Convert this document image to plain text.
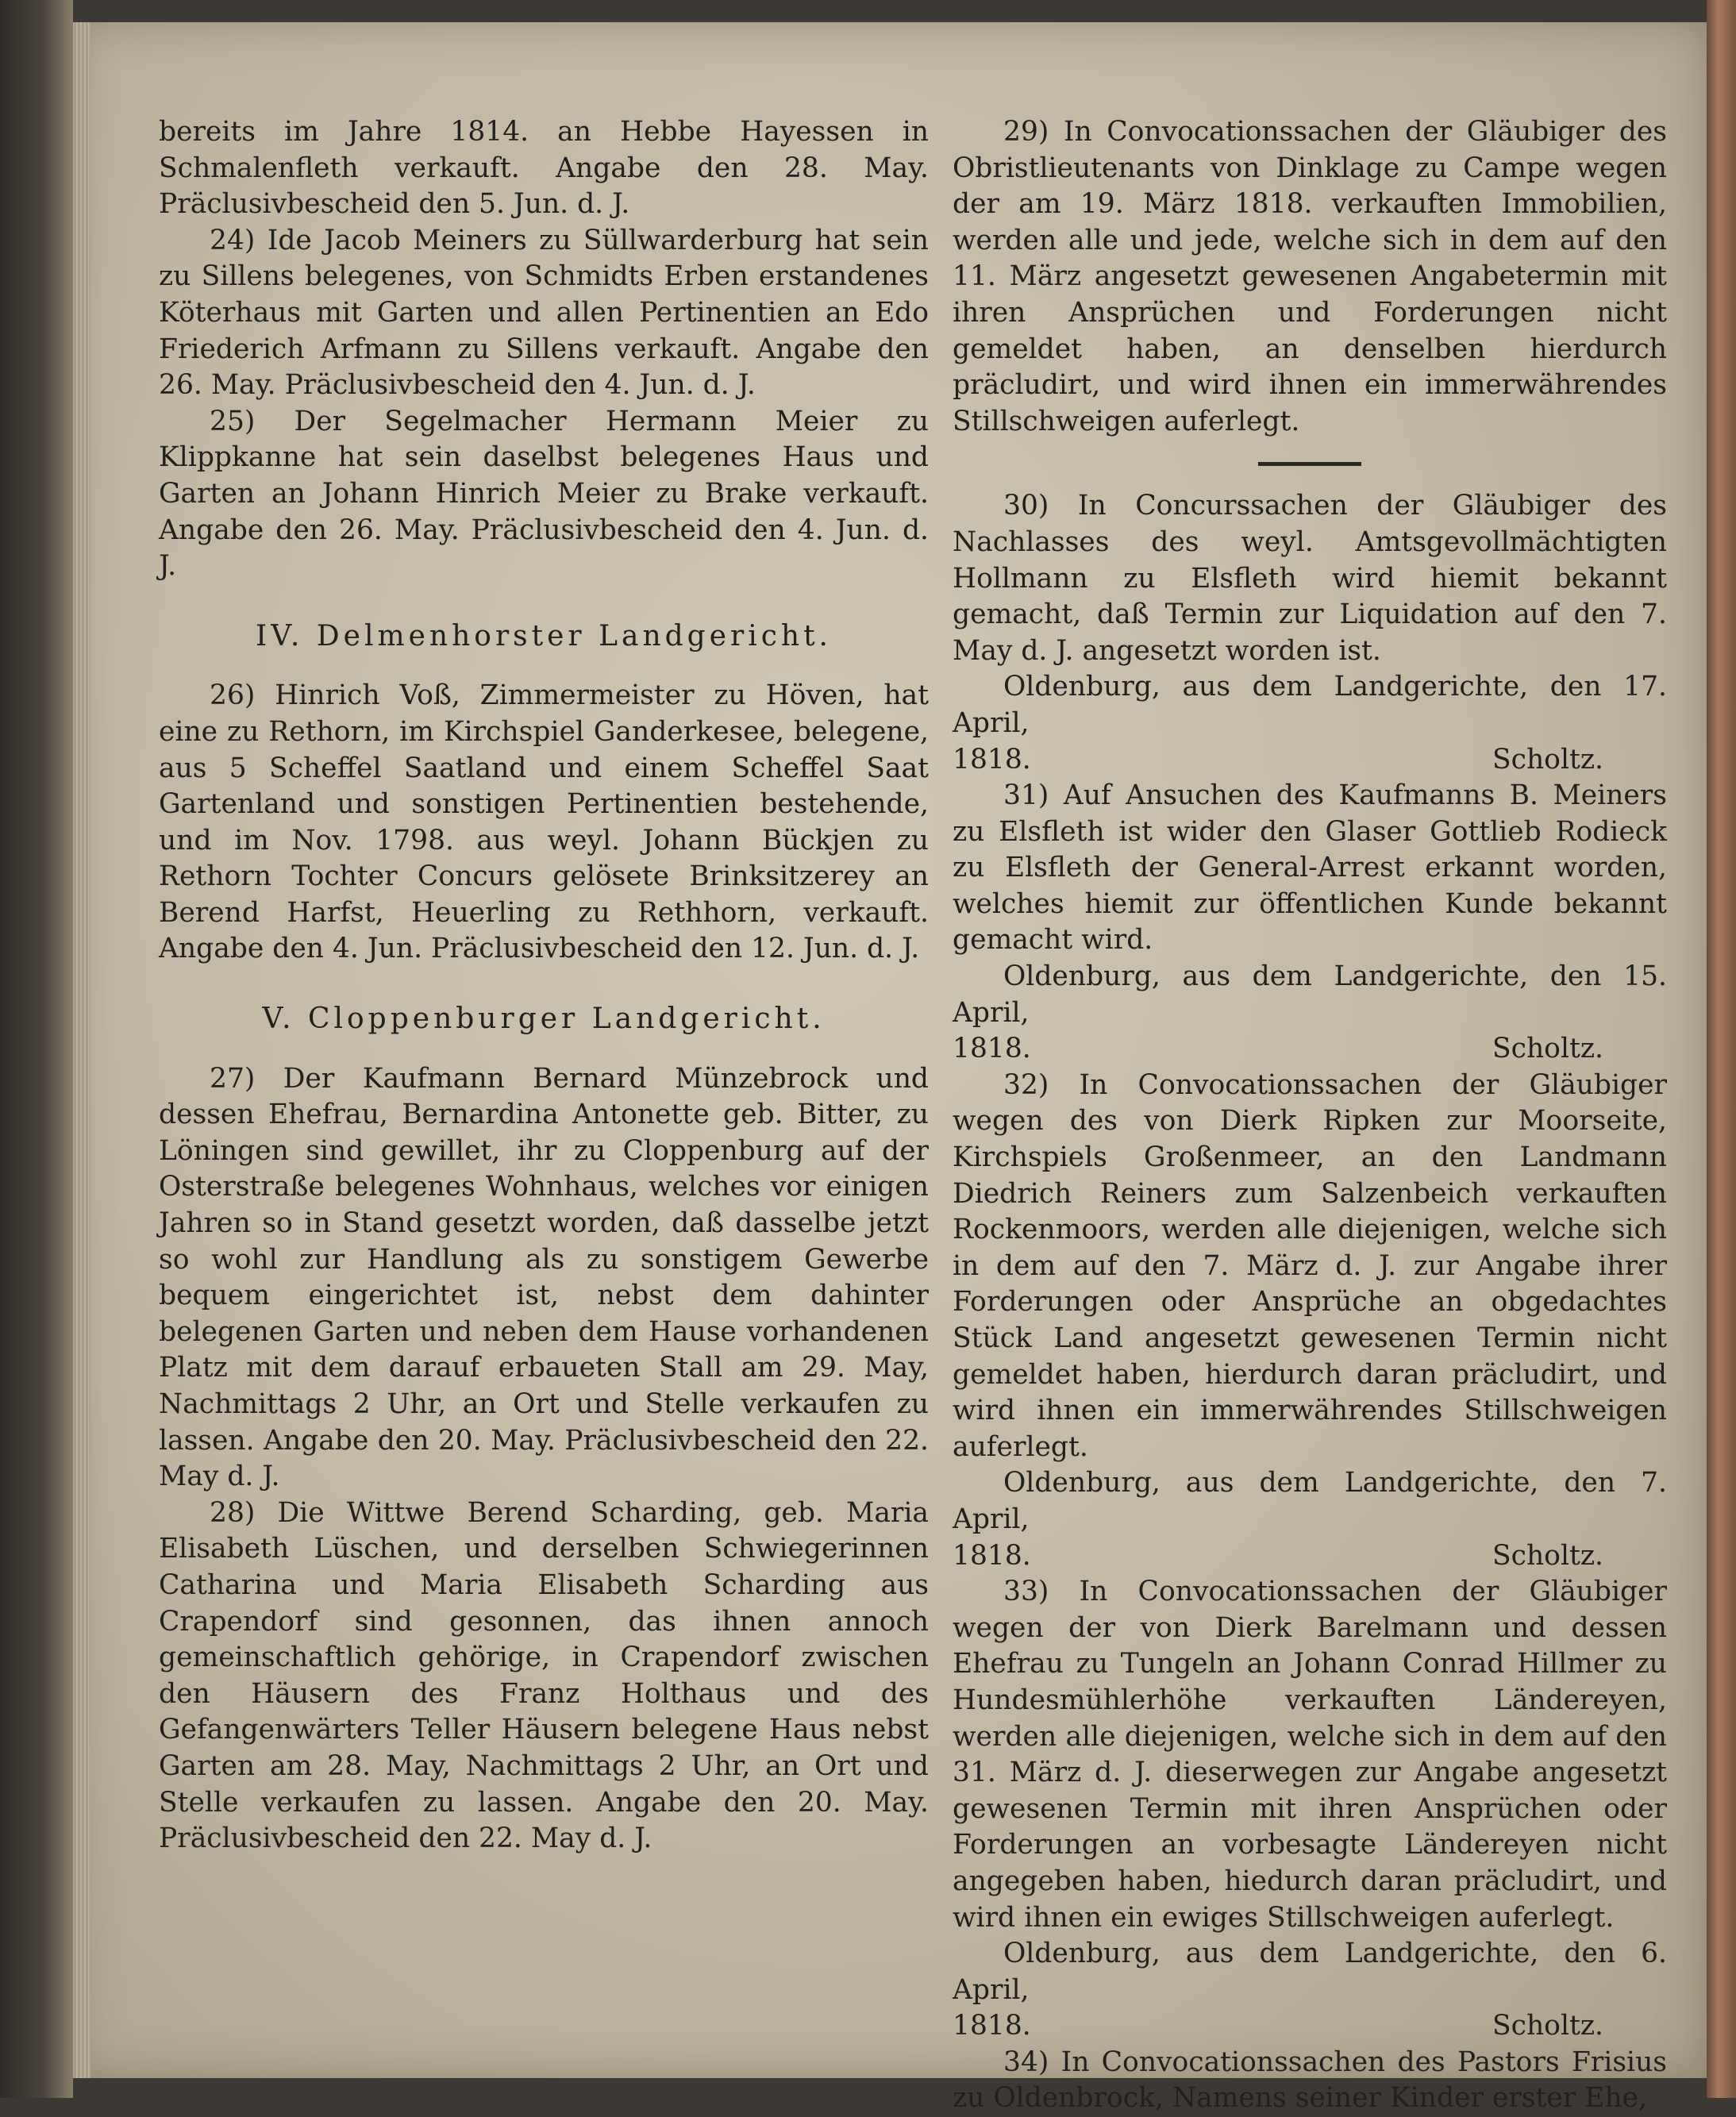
bereits im Jahre 1814. an Hebbe Hayessen in Schmalenfleth verkauft. Angabe den 28. May. Präclusivbescheid den 5. Jun. d. J.

24) Ide Jacob Meiners zu Süllwarderburg hat sein zu Sillens belegenes, von Schmidts Erben erstandenes Köterhaus mit Garten und allen Pertinentien an Edo Friederich Arfmann zu Sillens verkauft. Angabe den 26. May. Präclusivbescheid den 4. Jun. d. J.

25) Der Segelmacher Hermann Meier zu Klippkanne hat sein daselbst belegenes Haus und Garten an Johann Hinrich Meier zu Brake verkauft. Angabe den 26. May. Präclusivbescheid den 4. Jun. d. J.

IV. Delmenhorster Landgericht.

26) Hinrich Voß, Zimmermeister zu Höven, hat eine zu Rethorn, im Kirchspiel Ganderkesee, belegene, aus 5 Scheffel Saatland und einem Scheffel Saat Gartenland und sonstigen Pertinentien bestehende, und im Nov. 1798. aus weyl. Johann Bückjen zu Rethorn Tochter Concurs gelösete Brinksitzerey an Berend Harfst, Heuerling zu Rethhorn, verkauft. Angabe den 4. Jun. Präclusivbescheid den 12. Jun. d. J.

V. Cloppenburger Landgericht.

27) Der Kaufmann Bernard Münzebrock und dessen Ehefrau, Bernardina Antonette geb. Bitter, zu Löningen sind gewillet, ihr zu Cloppenburg auf der Osterstraße belegenes Wohnhaus, welches vor einigen Jahren so in Stand gesetzt worden, daß dasselbe jetzt so wohl zur Handlung als zu sonstigem Gewerbe bequem eingerichtet ist, nebst dem dahinter belegenen Garten und neben dem Hause vorhandenen Platz mit dem darauf erbaueten Stall am 29. May, Nachmittags 2 Uhr, an Ort und Stelle verkaufen zu lassen. Angabe den 20. May. Präclusivbescheid den 22. May d. J.

28) Die Wittwe Berend Scharding, geb. Maria Elisabeth Lüschen, und derselben Schwiegerinnen Catharina und Maria Elisabeth Scharding aus Crapendorf sind gesonnen, das ihnen annoch gemeinschaftlich gehörige, in Crapendorf zwischen den Häusern des Franz Holthaus und des Gefangenwärters Teller Häusern belegene Haus nebst Garten am 28. May, Nachmittags 2 Uhr, an Ort und Stelle verkaufen zu lassen. Angabe den 20. May. Präclusivbescheid den 22. May d. J.

29) In Convocationssachen der Gläubiger des Obristlieutenants von Dinklage zu Campe wegen der am 19. März 1818. verkauften Immobilien, werden alle und jede, welche sich in dem auf den 11. März angesetzt gewesenen Angabetermin mit ihren Ansprüchen und Forderungen nicht gemeldet haben, an denselben hierdurch präcludirt, und wird ihnen ein immerwährendes Stillschweigen auferlegt.

30) In Concurssachen der Gläubiger des Nachlasses des weyl. Amtsgevollmächtigten Hollmann zu Elsfleth wird hiemit bekannt gemacht, daß Termin zur Liquidation auf den 7. May d. J. angesetzt worden ist.

Oldenburg, aus dem Landgerichte, den 17. April,

1818.	Scholtz.

31) Auf Ansuchen des Kaufmanns B. Meiners zu Elsfleth ist wider den Glaser Gottlieb Rodieck zu Elsfleth der General-Arrest erkannt worden, welches hiemit zur öffentlichen Kunde bekannt gemacht wird.

Oldenburg, aus dem Landgerichte, den 15. April,

1818.	Scholtz.

32) In Convocationssachen der Gläubiger wegen des von Dierk Ripken zur Moorseite, Kirchspiels Großenmeer, an den Landmann Diedrich Reiners zum Salzenbeich verkauften Rockenmoors, werden alle diejenigen, welche sich in dem auf den 7. März d. J. zur Angabe ihrer Forderungen oder Ansprüche an obgedachtes Stück Land angesetzt gewesenen Termin nicht gemeldet haben, hierdurch daran präcludirt, und wird ihnen ein immerwährendes Stillschweigen auferlegt.

Oldenburg, aus dem Landgerichte, den 7. April,

1818.	Scholtz.

33) In Convocationssachen der Gläubiger wegen der von Dierk Barelmann und dessen Ehefrau zu Tungeln an Johann Conrad Hillmer zu Hundesmühlerhöhe verkauften Ländereyen, werden alle diejenigen, welche sich in dem auf den 31. März d. J. dieserwegen zur Angabe angesetzt gewesenen Termin mit ihren Ansprüchen oder Forderungen an vorbesagte Ländereyen nicht angegeben haben, hiedurch daran präcludirt, und wird ihnen ein ewiges Stillschweigen auferlegt.

Oldenburg, aus dem Landgerichte, den 6. April,

1818.	Scholtz.

34) In Convocationssachen des Pastors Frisius zu Oldenbrock, Namens seiner Kinder erster Ehe,
